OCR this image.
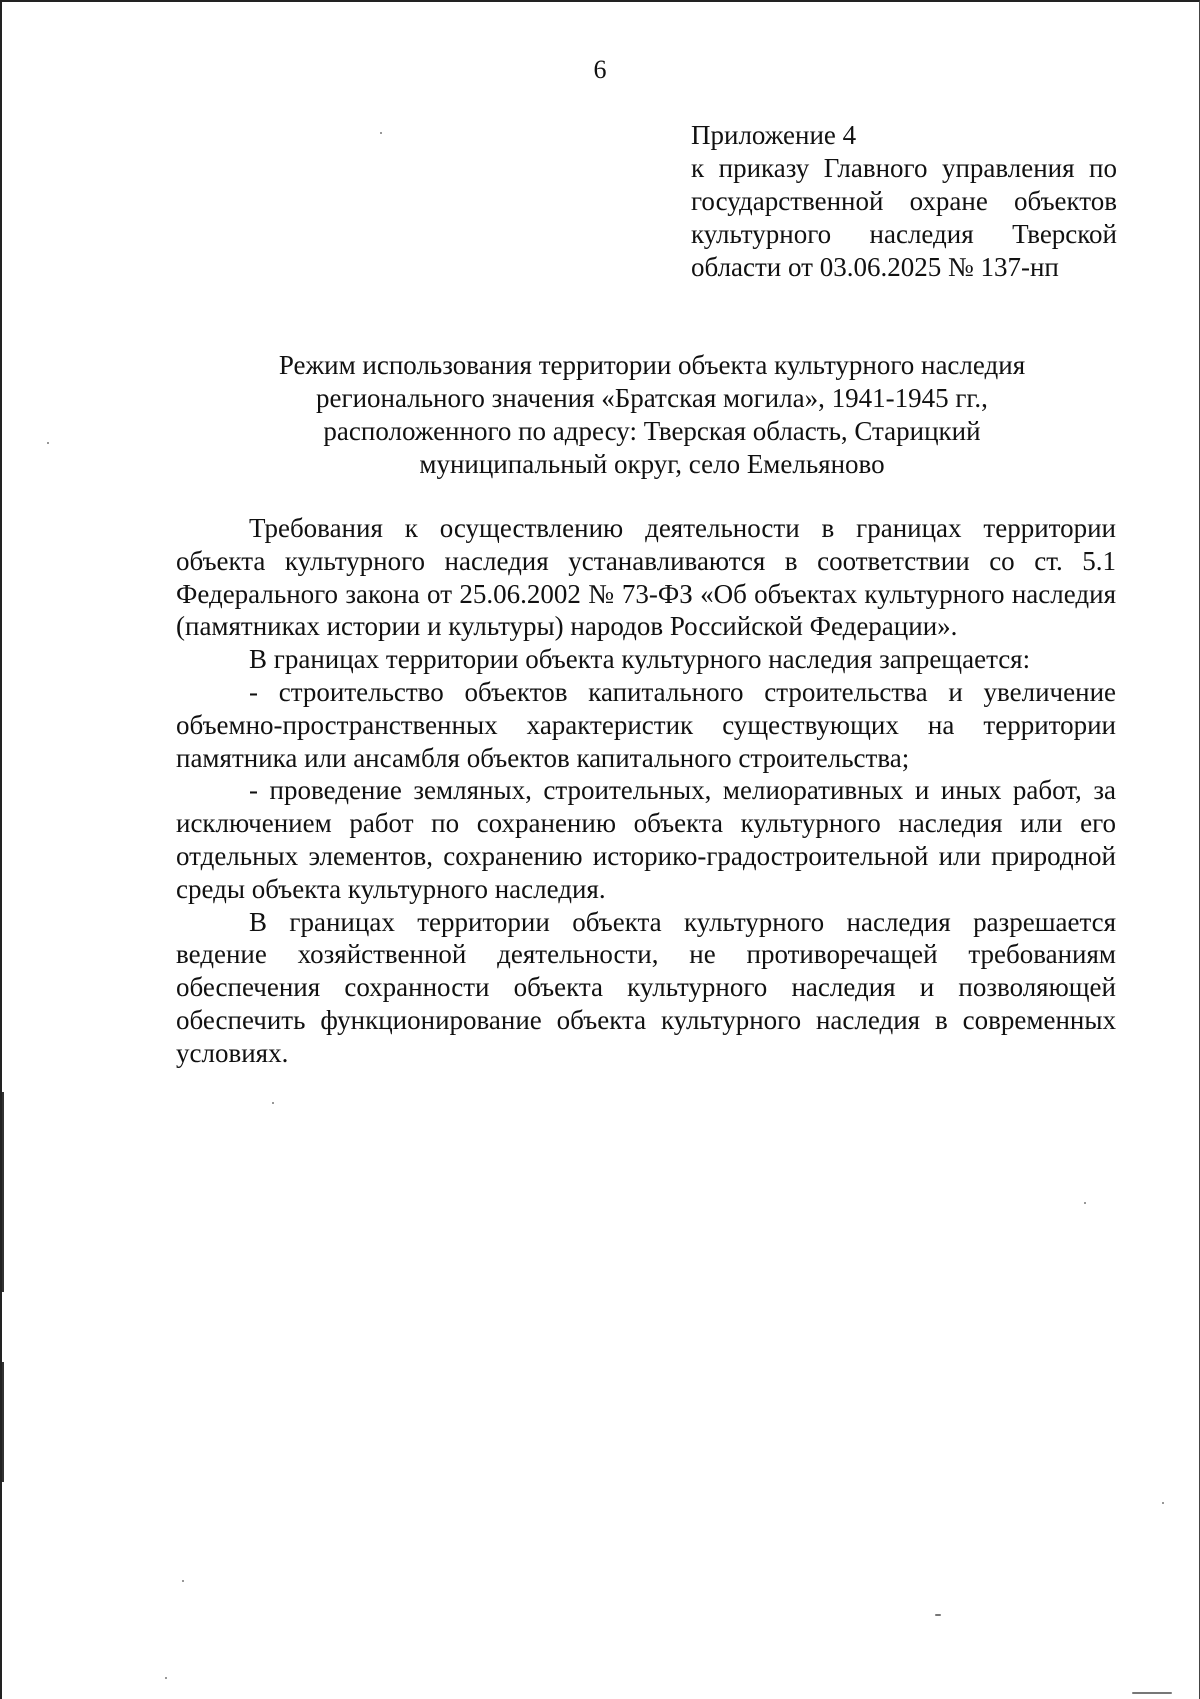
6
Приложение 4
к приказу Главного управления по
государственной охране объектов
культурного наследия Тверской
области от 03.06.2025 № 137-нп
Режим использования территории объекта культурного наследия
регионального значения «Братская могила», 1941-1945 гг.,
расположенного по адресу: Тверская область, Старицкий
муниципальный округ, село Емельяново

Требования к осуществлению деятельности в границах территории объекта культурного наследия устанавливаются в соответствии со ст. 5.1 Федерального закона от 25.06.2002 № 73-ФЗ «Об объектах культурного наследия (памятниках истории и культуры) народов Российской Федерации».

В границах территории объекта культурного наследия запрещается:

- строительство объектов капитального строительства и увеличение объемно-пространственных характеристик существующих на территории памятника или ансамбля объектов капитального строительства;

- проведение земляных, строительных, мелиоративных и иных работ, за исключением работ по сохранению объекта культурного наследия или его отдельных элементов, сохранению историко-градостроительной или природной среды объекта культурного наследия.

В границах территории объекта культурного наследия разрешается ведение хозяйственной деятельности, не противоречащей требованиям обеспечения сохранности объекта культурного наследия и позволяющей обеспечить функционирование объекта культурного наследия в современных условиях.
